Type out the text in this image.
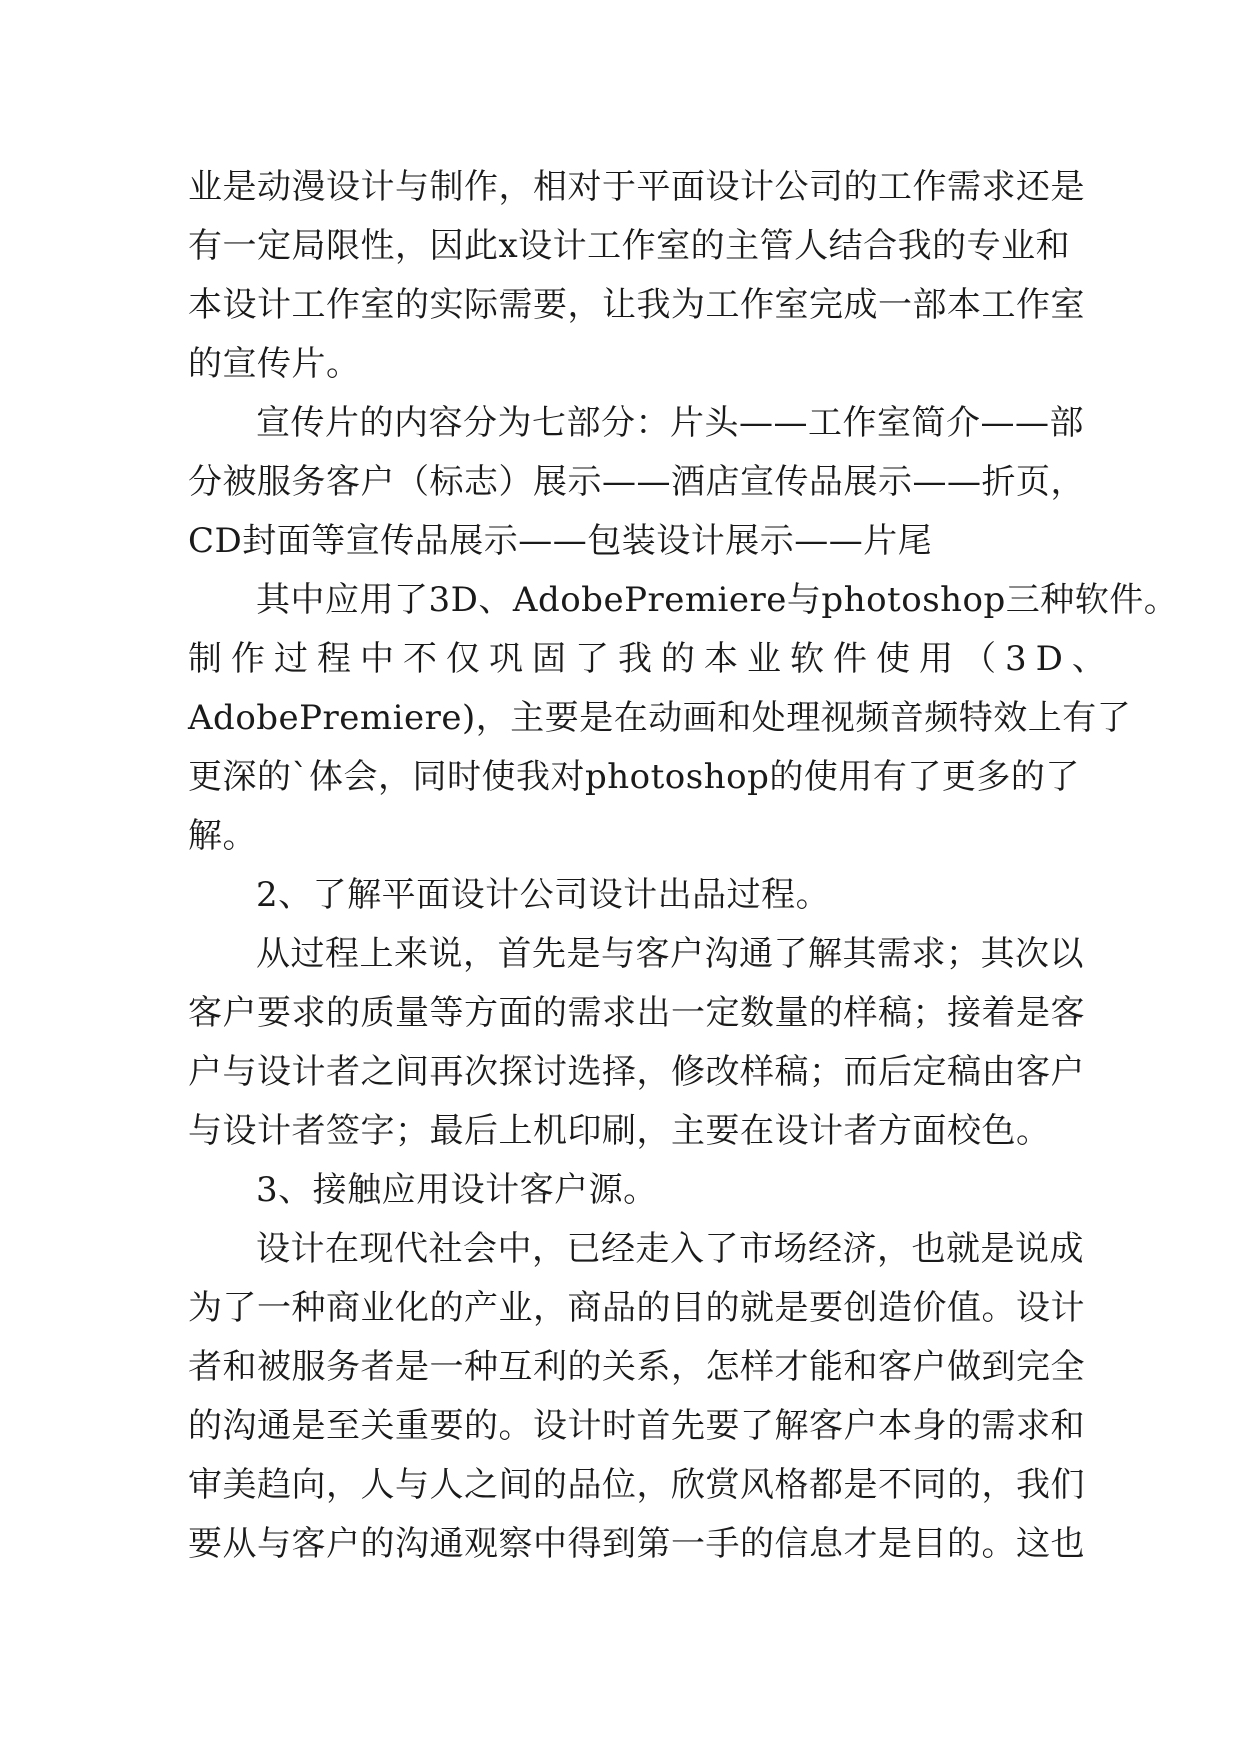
业是动漫设计与制作，相对于平面设计公司的工作需求还是
有一定局限性，因此x设计工作室的主管人结合我的专业和
本设计工作室的实际需要，让我为工作室完成一部本工作室
的宣传片。
宣传片的内容分为七部分：片头——工作室简介——部
分被服务客户（标志）展示——酒店宣传品展示——折页，
CD封面等宣传品展示——包装设计展示——片尾
其中应用了3D、AdobePremiere与photoshop三种软件。
制作过程中不仅巩固了我的本业软件使用（3D、
AdobePremiere)，主要是在动画和处理视频音频特效上有了
更深的`体会，同时使我对photoshop的使用有了更多的了
解。
2、了解平面设计公司设计出品过程。
从过程上来说，首先是与客户沟通了解其需求；其次以
客户要求的质量等方面的需求出一定数量的样稿；接着是客
户与设计者之间再次探讨选择，修改样稿；而后定稿由客户
与设计者签字；最后上机印刷，主要在设计者方面校色。
3、接触应用设计客户源。
设计在现代社会中，已经走入了市场经济，也就是说成
为了一种商业化的产业，商品的目的就是要创造价值。设计
者和被服务者是一种互利的关系，怎样才能和客户做到完全
的沟通是至关重要的。设计时首先要了解客户本身的需求和
审美趋向，人与人之间的品位，欣赏风格都是不同的，我们
要从与客户的沟通观察中得到第一手的信息才是目的。这也
